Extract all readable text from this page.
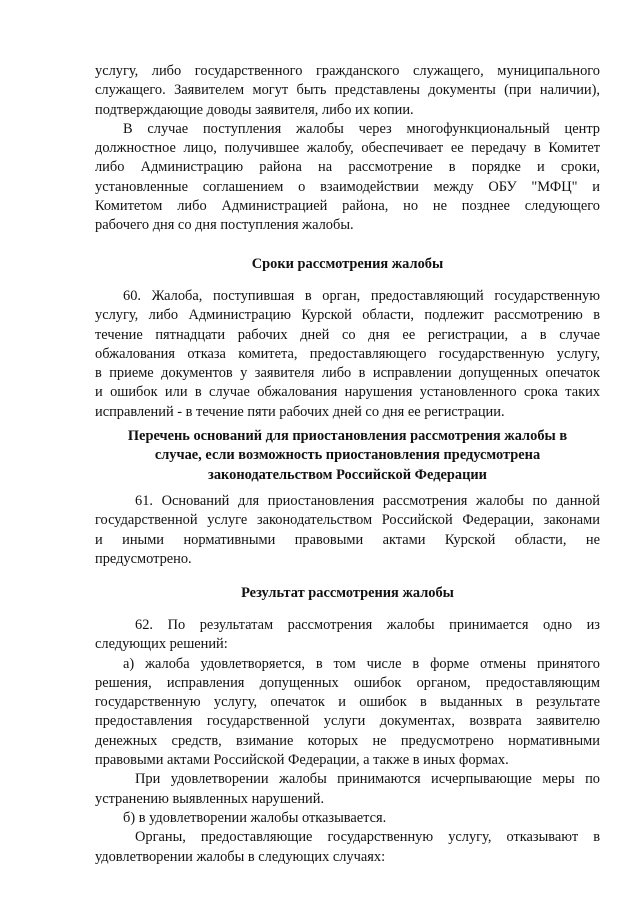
услугу, либо государственного гражданского служащего, муниципального
служащего. Заявителем могут быть представлены документы (при наличии),
подтверждающие доводы заявителя, либо их копии.
В случае поступления жалобы через многофункциональный центр
должностное лицо, получившее жалобу, обеспечивает ее передачу в Комитет
либо Администрацию района на рассмотрение в порядке и сроки,
установленные соглашением о взаимодействии между ОБУ "МФЦ" и
Комитетом либо Администрацией района, но не позднее следующего
рабочего дня со дня поступления жалобы.
Сроки рассмотрения жалобы
60. Жалоба, поступившая в орган, предоставляющий государственную
услугу, либо Администрацию Курской области, подлежит рассмотрению в
течение пятнадцати рабочих дней со дня ее регистрации, а в случае
обжалования отказа комитета, предоставляющего государственную услугу,
в приеме документов у заявителя либо в исправлении допущенных опечаток
и ошибок или в случае обжалования нарушения установленного срока таких
исправлений - в течение пяти рабочих дней со дня ее регистрации.
Перечень оснований для приостановления рассмотрения жалобы в
случае, если возможность приостановления предусмотрена
законодательством Российской Федерации
61. Оснований для приостановления рассмотрения жалобы по данной
государственной услуге законодательством Российской Федерации, законами
и иными нормативными правовыми актами Курской области, не
предусмотрено.
Результат рассмотрения жалобы
62. По результатам рассмотрения жалобы принимается одно из
следующих решений:
а) жалоба удовлетворяется, в том числе в форме отмены принятого
решения, исправления допущенных ошибок органом, предоставляющим
государственную услугу, опечаток и ошибок в выданных в результате
предоставления государственной услуги документах, возврата заявителю
денежных средств, взимание которых не предусмотрено нормативными
правовыми актами Российской Федерации, а также в иных формах.
При удовлетворении жалобы принимаются исчерпывающие меры по
устранению выявленных нарушений.
б) в удовлетворении жалобы отказывается.
Органы, предоставляющие государственную услугу, отказывают в
удовлетворении жалобы в следующих случаях:
